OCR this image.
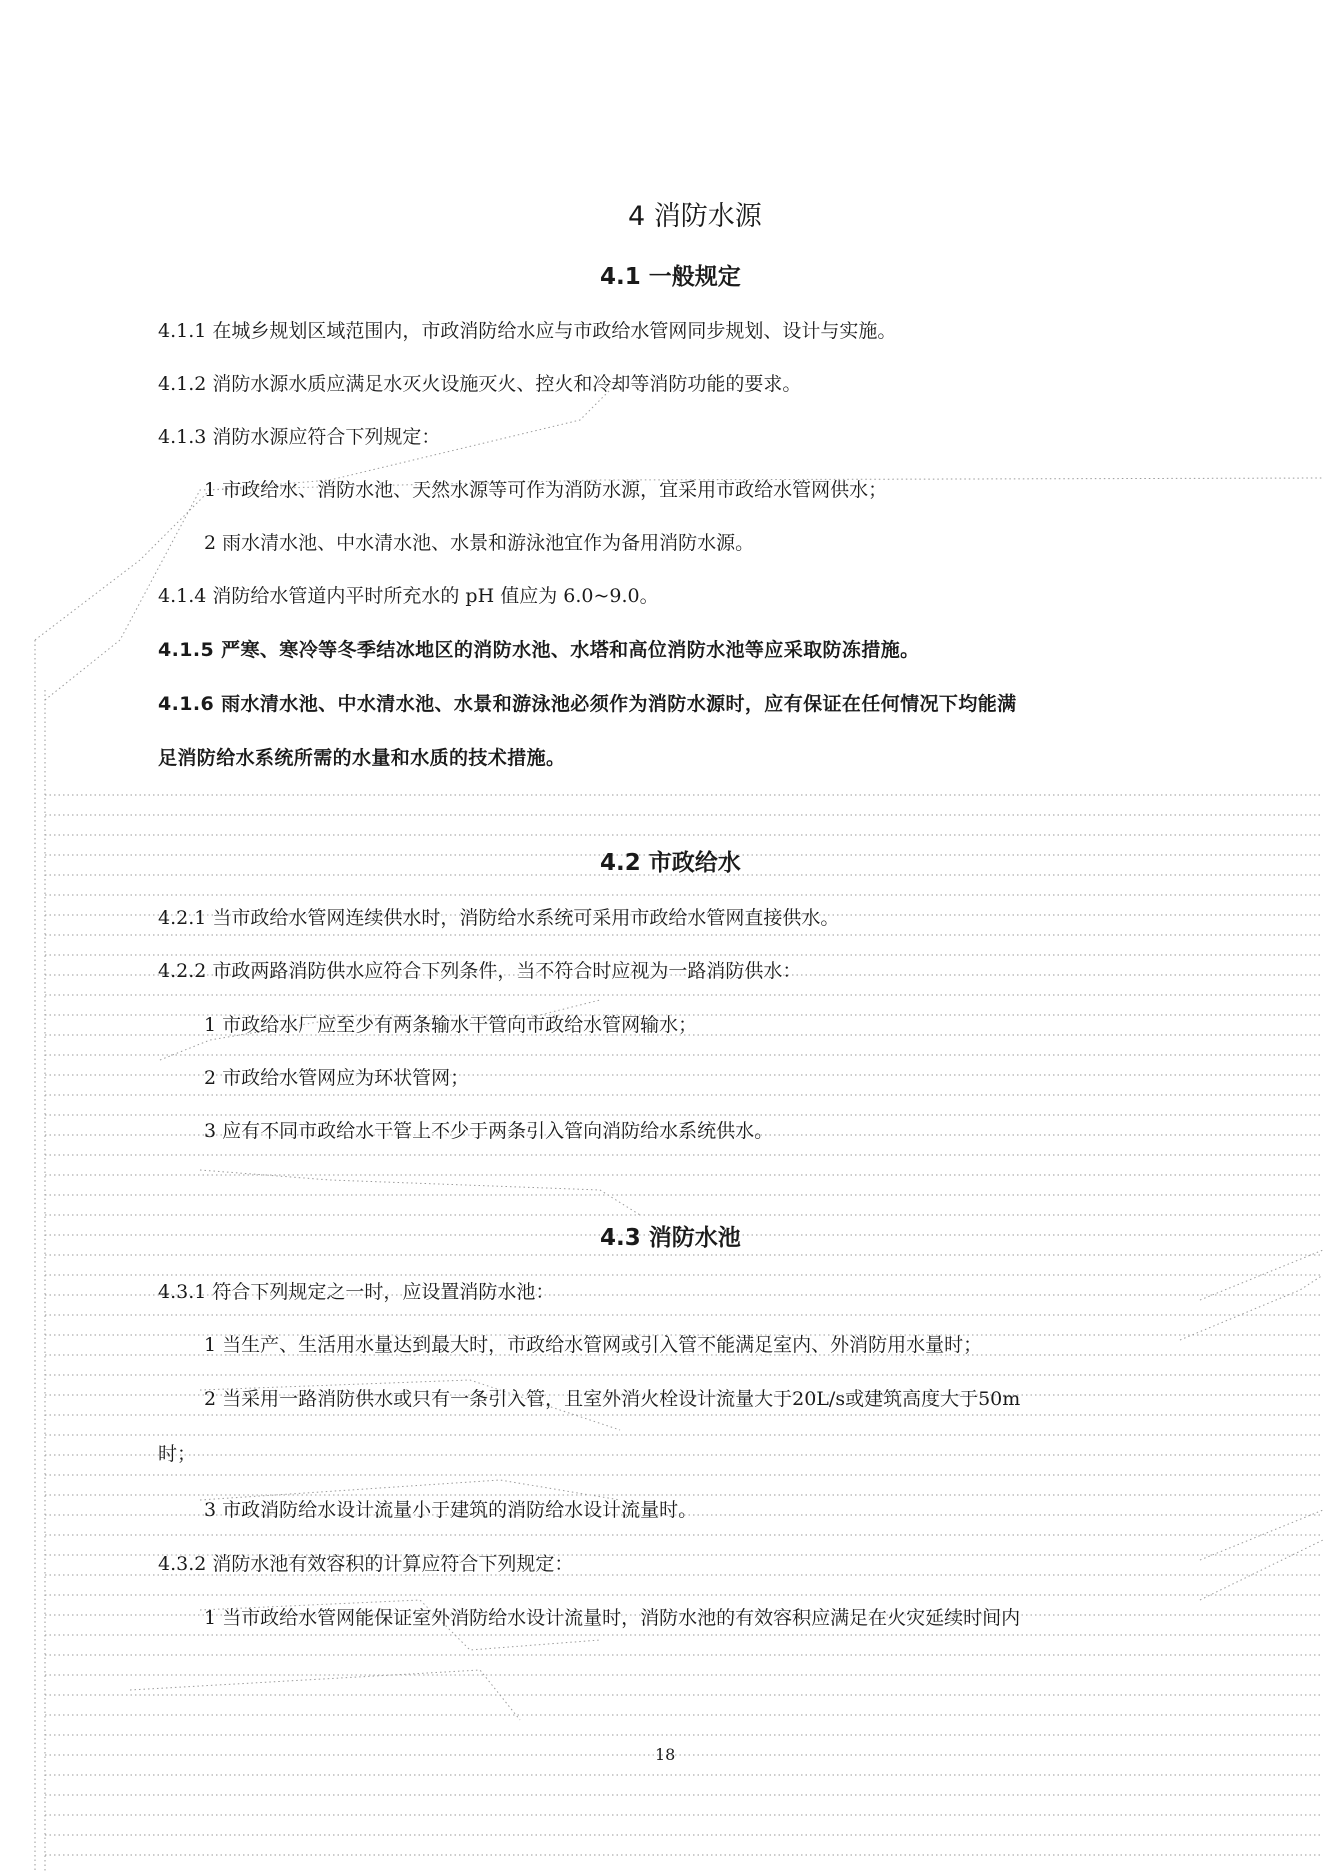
4 消防水源
4.1 一般规定
4.1.1 在城乡规划区域范围内，市政消防给水应与市政给水管网同步规划、设计与实施。
4.1.2 消防水源水质应满足水灭火设施灭火、控火和冷却等消防功能的要求。
4.1.3 消防水源应符合下列规定：
1 市政给水、消防水池、天然水源等可作为消防水源，宜采用市政给水管网供水；
2 雨水清水池、中水清水池、水景和游泳池宜作为备用消防水源。
4.1.4 消防给水管道内平时所充水的 pH 值应为 6.0~9.0。
4.1.5 严寒、寒冷等冬季结冰地区的消防水池、水塔和高位消防水池等应采取防冻措施。
4.1.6 雨水清水池、中水清水池、水景和游泳池必须作为消防水源时，应有保证在任何情况下均能满
足消防给水系统所需的水量和水质的技术措施。
4.2 市政给水
4.2.1 当市政给水管网连续供水时，消防给水系统可采用市政给水管网直接供水。
4.2.2 市政两路消防供水应符合下列条件，当不符合时应视为一路消防供水：
1 市政给水厂应至少有两条输水干管向市政给水管网输水；
2 市政给水管网应为环状管网；
3 应有不同市政给水干管上不少于两条引入管向消防给水系统供水。
4.3 消防水池
4.3.1 符合下列规定之一时，应设置消防水池：
1 当生产、生活用水量达到最大时，市政给水管网或引入管不能满足室内、外消防用水量时；
2 当采用一路消防供水或只有一条引入管，且室外消火栓设计流量大于20L/s或建筑高度大于50m
时；
3 市政消防给水设计流量小于建筑的消防给水设计流量时。
4.3.2 消防水池有效容积的计算应符合下列规定：
1 当市政给水管网能保证室外消防给水设计流量时，消防水池的有效容积应满足在火灾延续时间内
18
